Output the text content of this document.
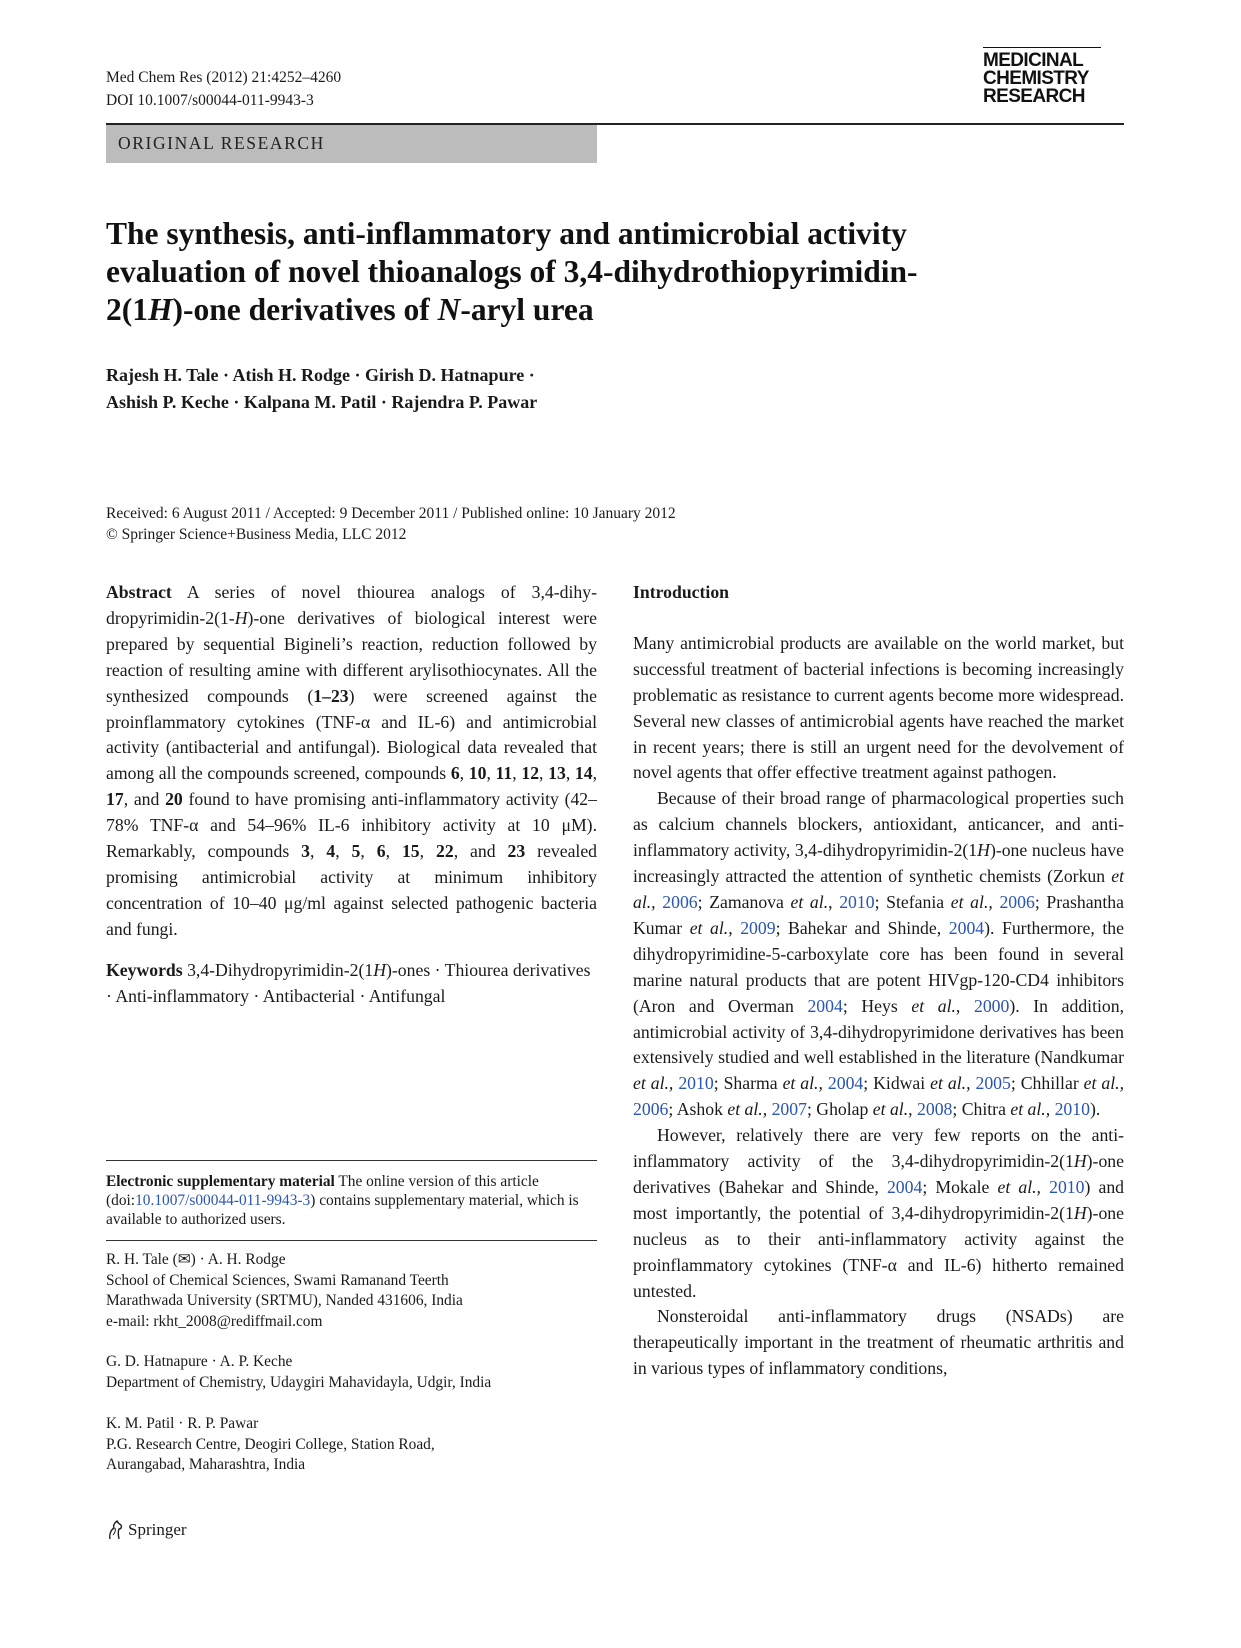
Med Chem Res (2012) 21:4252–4260
DOI 10.1007/s00044-011-9943-3
MEDICINAL
CHEMISTRY
RESEARCH
ORIGINAL RESEARCH
The synthesis, anti-inflammatory and antimicrobial activity
evaluation of novel thioanalogs of 3,4-dihydrothiopyrimidin-
2(1H)-one derivatives of N-aryl urea
Rajesh H. Tale · Atish H. Rodge · Girish D. Hatnapure ·
Ashish P. Keche · Kalpana M. Patil · Rajendra P. Pawar
Received: 6 August 2011 / Accepted: 9 December 2011 / Published online: 10 January 2012
© Springer Science+Business Media, LLC 2012

Abstract A series of novel thiourea analogs of 3,4-dihy-dropyrimidin-2(1-H)-one derivatives of biological interest were prepared by sequential Bigineli’s reaction, reduction followed by reaction of resulting amine with different arylisothiocynates. All the synthesized compounds (1–23) were screened against the proinflammatory cytokines (TNF-α and IL-6) and antimicrobial activity (antibacterial and antifungal). Biological data revealed that among all the compounds screened, compounds 6, 10, 11, 12, 13, 14, 17, and 20 found to have promising anti-inflammatory activity (42–78% TNF-α and 54–96% IL-6 inhibitory activity at 10 μM). Remarkably, compounds 3, 4, 5, 6, 15, 22, and 23 revealed promising antimicrobial activity at minimum inhibitory concentration of 10–40 μg/ml against selected pathogenic bacteria and fungi.

Keywords 3,4-Dihydropyrimidin-2(1H)-ones · Thiourea derivatives · Anti-inflammatory · Antibacterial · Antifungal

Electronic supplementary material The online version of this article (doi:10.1007/s00044-011-9943-3) contains supplementary material, which is available to authorized users.
R. H. Tale (✉) · A. H. Rodge
School of Chemical Sciences, Swami Ramanand Teerth
Marathwada University (SRTMU), Nanded 431606, India
e-mail: rkht_2008@rediffmail.com
G. D. Hatnapure · A. P. Keche
Department of Chemistry, Udaygiri Mahavidayla, Udgir, India
K. M. Patil · R. P. Pawar
P.G. Research Centre, Deogiri College, Station Road,
Aurangabad, Maharashtra, India

Introduction

Many antimicrobial products are available on the world market, but successful treatment of bacterial infections is becoming increasingly problematic as resistance to current agents become more widespread. Several new classes of antimicrobial agents have reached the market in recent years; there is still an urgent need for the devolvement of novel agents that offer effective treatment against pathogen.

Because of their broad range of pharmacological properties such as calcium channels blockers, antioxidant, anticancer, and anti-inflammatory activity, 3,4-dihydropyrimidin-2(1H)-one nucleus have increasingly attracted the attention of synthetic chemists (Zorkun et al., 2006; Zamanova et al., 2010; Stefania et al., 2006; Prashantha Kumar et al., 2009; Bahekar and Shinde, 2004). Furthermore, the dihydropyrimidine-5-carboxylate core has been found in several marine natural products that are potent HIVgp-120-CD4 inhibitors (Aron and Overman 2004; Heys et al., 2000). In addition, antimicrobial activity of 3,4-dihydropyrimidone derivatives has been extensively studied and well established in the literature (Nandkumar et al., 2010; Sharma et al., 2004; Kidwai et al., 2005; Chhillar et al., 2006; Ashok et al., 2007; Gholap et al., 2008; Chitra et al., 2010).

However, relatively there are very few reports on the anti-inflammatory activity of the 3,4-dihydropyrimidin-2(1H)-one derivatives (Bahekar and Shinde, 2004; Mokale et al., 2010) and most importantly, the potential of 3,4-dihydropyrimidin-2(1H)-one nucleus as to their anti-inflammatory activity against the proinflammatory cytokines (TNF-α and IL-6) hitherto remained untested.

Nonsteroidal anti-inflammatory drugs (NSADs) are therapeutically important in the treatment of rheumatic arthritis and in various types of inflammatory conditions,

Springer
